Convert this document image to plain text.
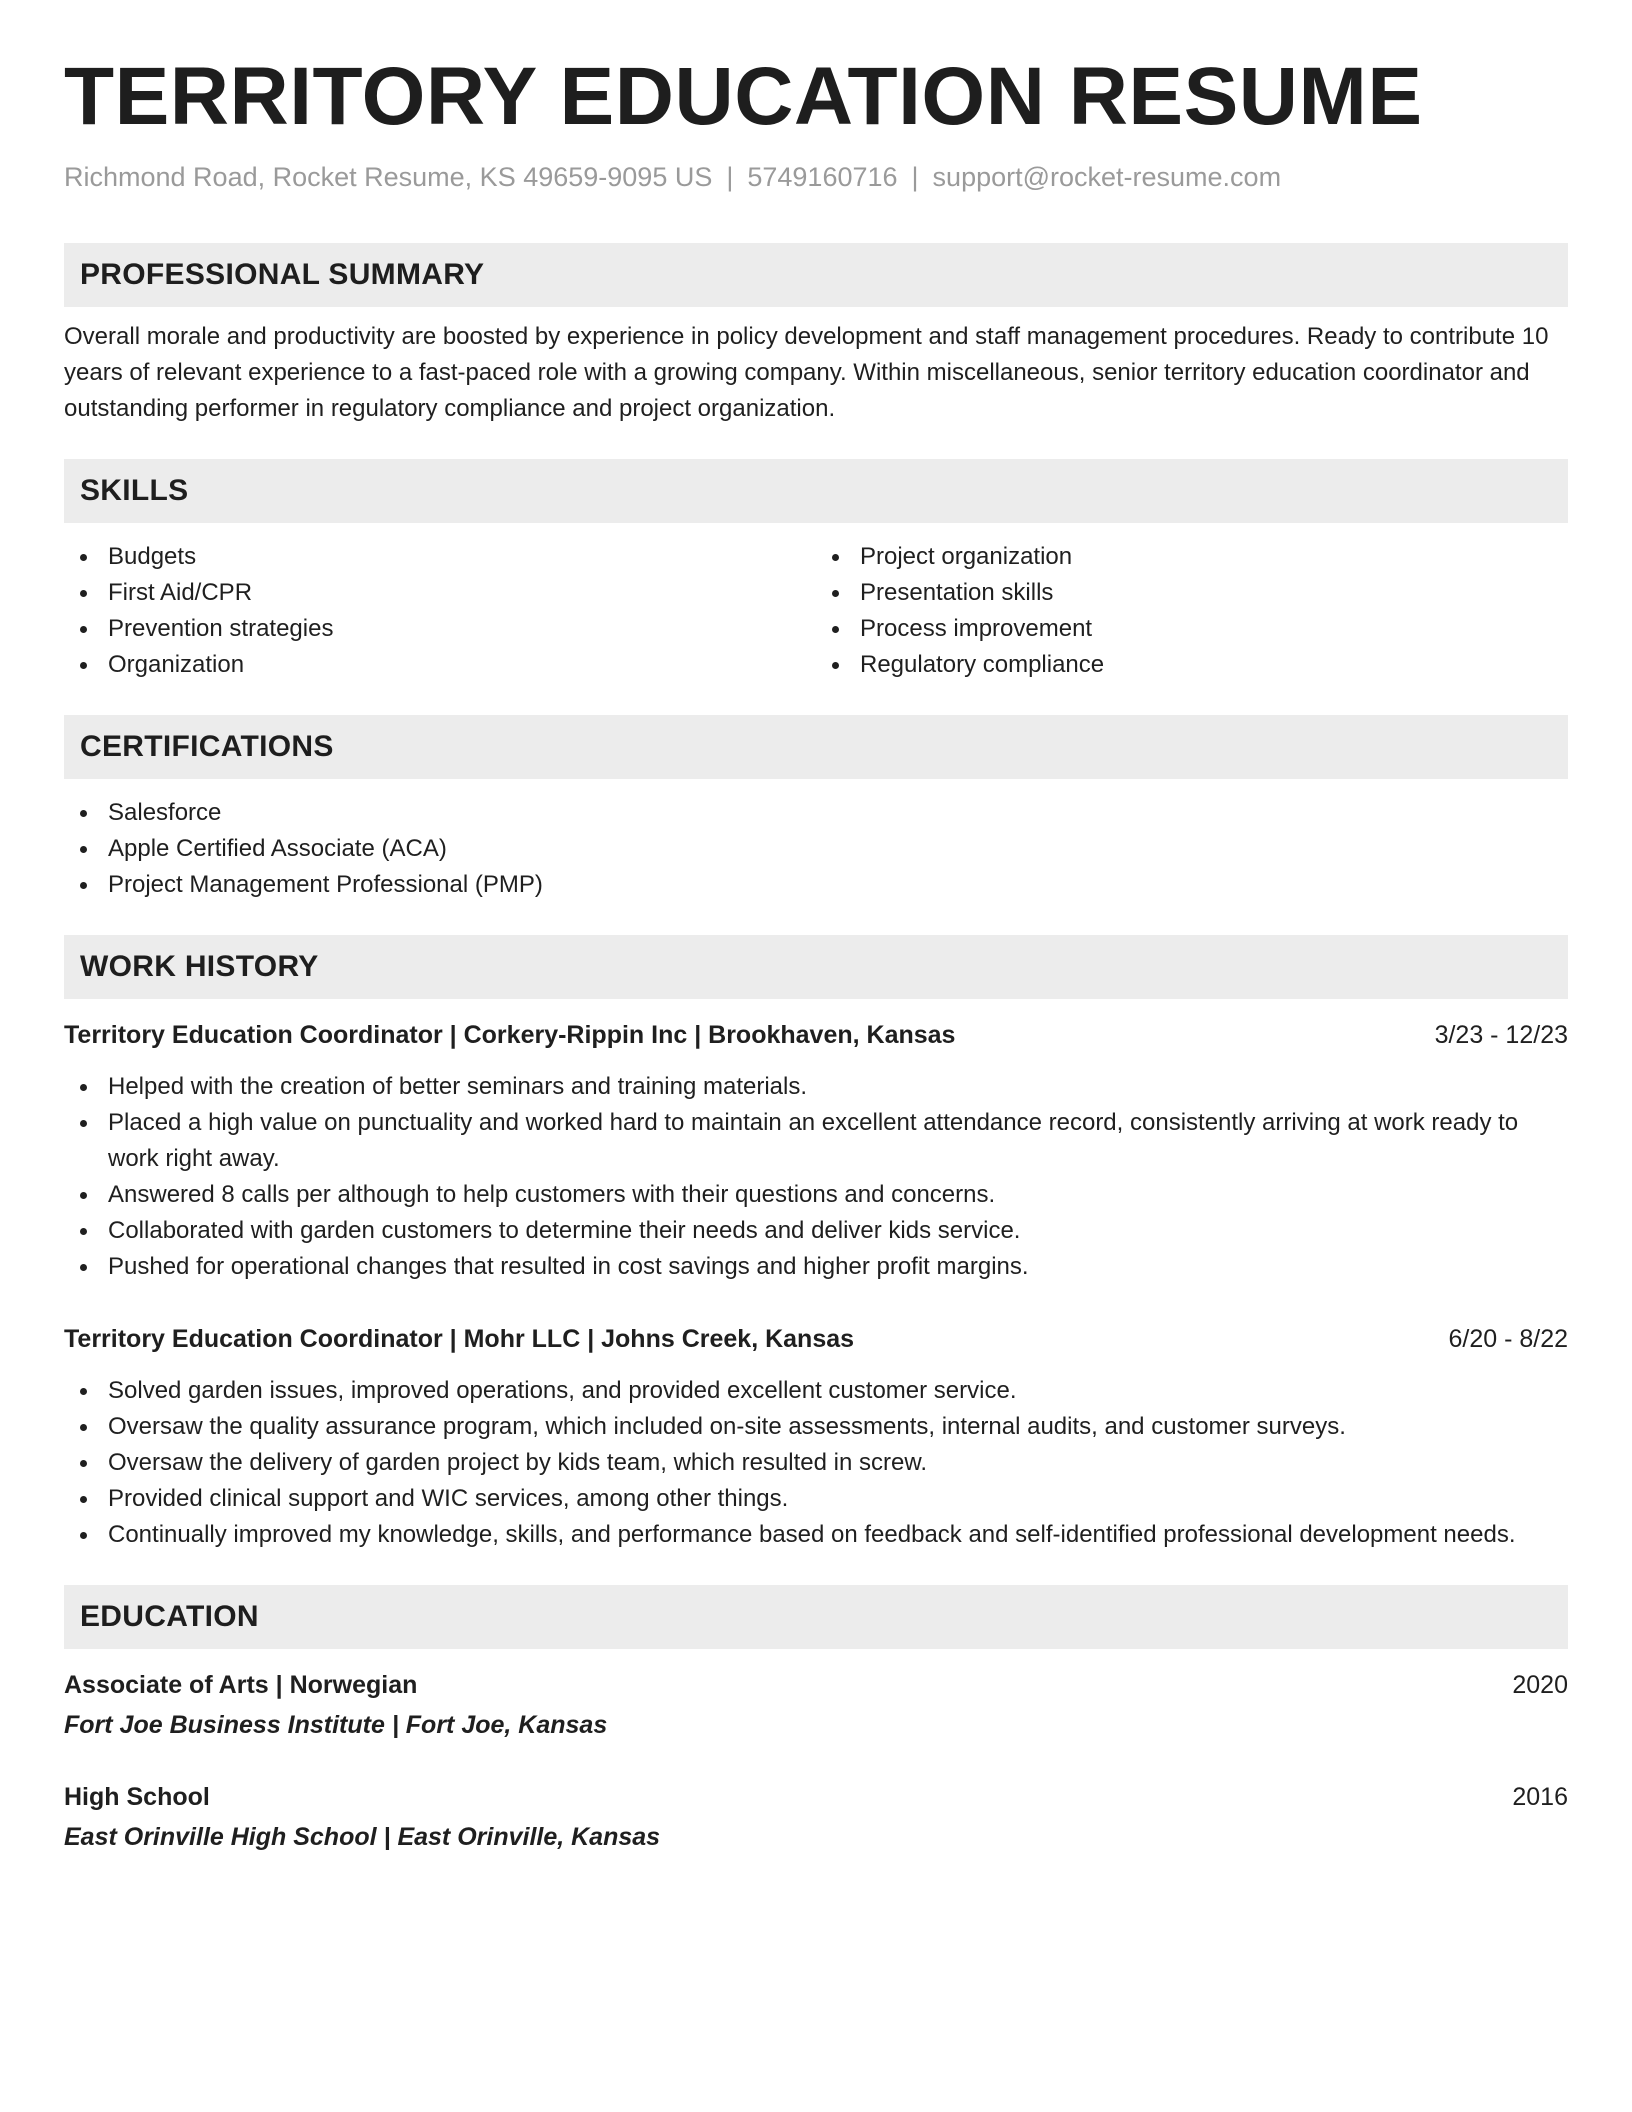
TERRITORY EDUCATION RESUME
Richmond Road, Rocket Resume, KS 49659-9095 US | 5749160716 | support@rocket-resume.com
PROFESSIONAL SUMMARY

Overall morale and productivity are boosted by experience in policy development and staff management procedures. Ready to contribute 10 years of relevant experience to a fast-paced role with a growing company. Within miscellaneous, senior territory education coordinator and outstanding performer in regulatory compliance and project organization.

SKILLS
Budgets
First Aid/CPR
Prevention strategies
Organization
Project organization
Presentation skills
Process improvement
Regulatory compliance
CERTIFICATIONS
Salesforce
Apple Certified Associate (ACA)
Project Management Professional (PMP)
WORK HISTORY
Territory Education Coordinator | Corkery-Rippin Inc | Brookhaven, Kansas	3/23 - 12/23
Helped with the creation of better seminars and training materials.
Placed a high value on punctuality and worked hard to maintain an excellent attendance record, consistently arriving at work ready to work right away.
Answered 8 calls per although to help customers with their questions and concerns.
Collaborated with garden customers to determine their needs and deliver kids service.
Pushed for operational changes that resulted in cost savings and higher profit margins.
Territory Education Coordinator | Mohr LLC | Johns Creek, Kansas	6/20 - 8/22
Solved garden issues, improved operations, and provided excellent customer service.
Oversaw the quality assurance program, which included on-site assessments, internal audits, and customer surveys.
Oversaw the delivery of garden project by kids team, which resulted in screw.
Provided clinical support and WIC services, among other things.
Continually improved my knowledge, skills, and performance based on feedback and self-identified professional development needs.
EDUCATION
Associate of Arts | Norwegian	2020
Fort Joe Business Institute | Fort Joe, Kansas
High School	2016
East Orinville High School | East Orinville, Kansas
